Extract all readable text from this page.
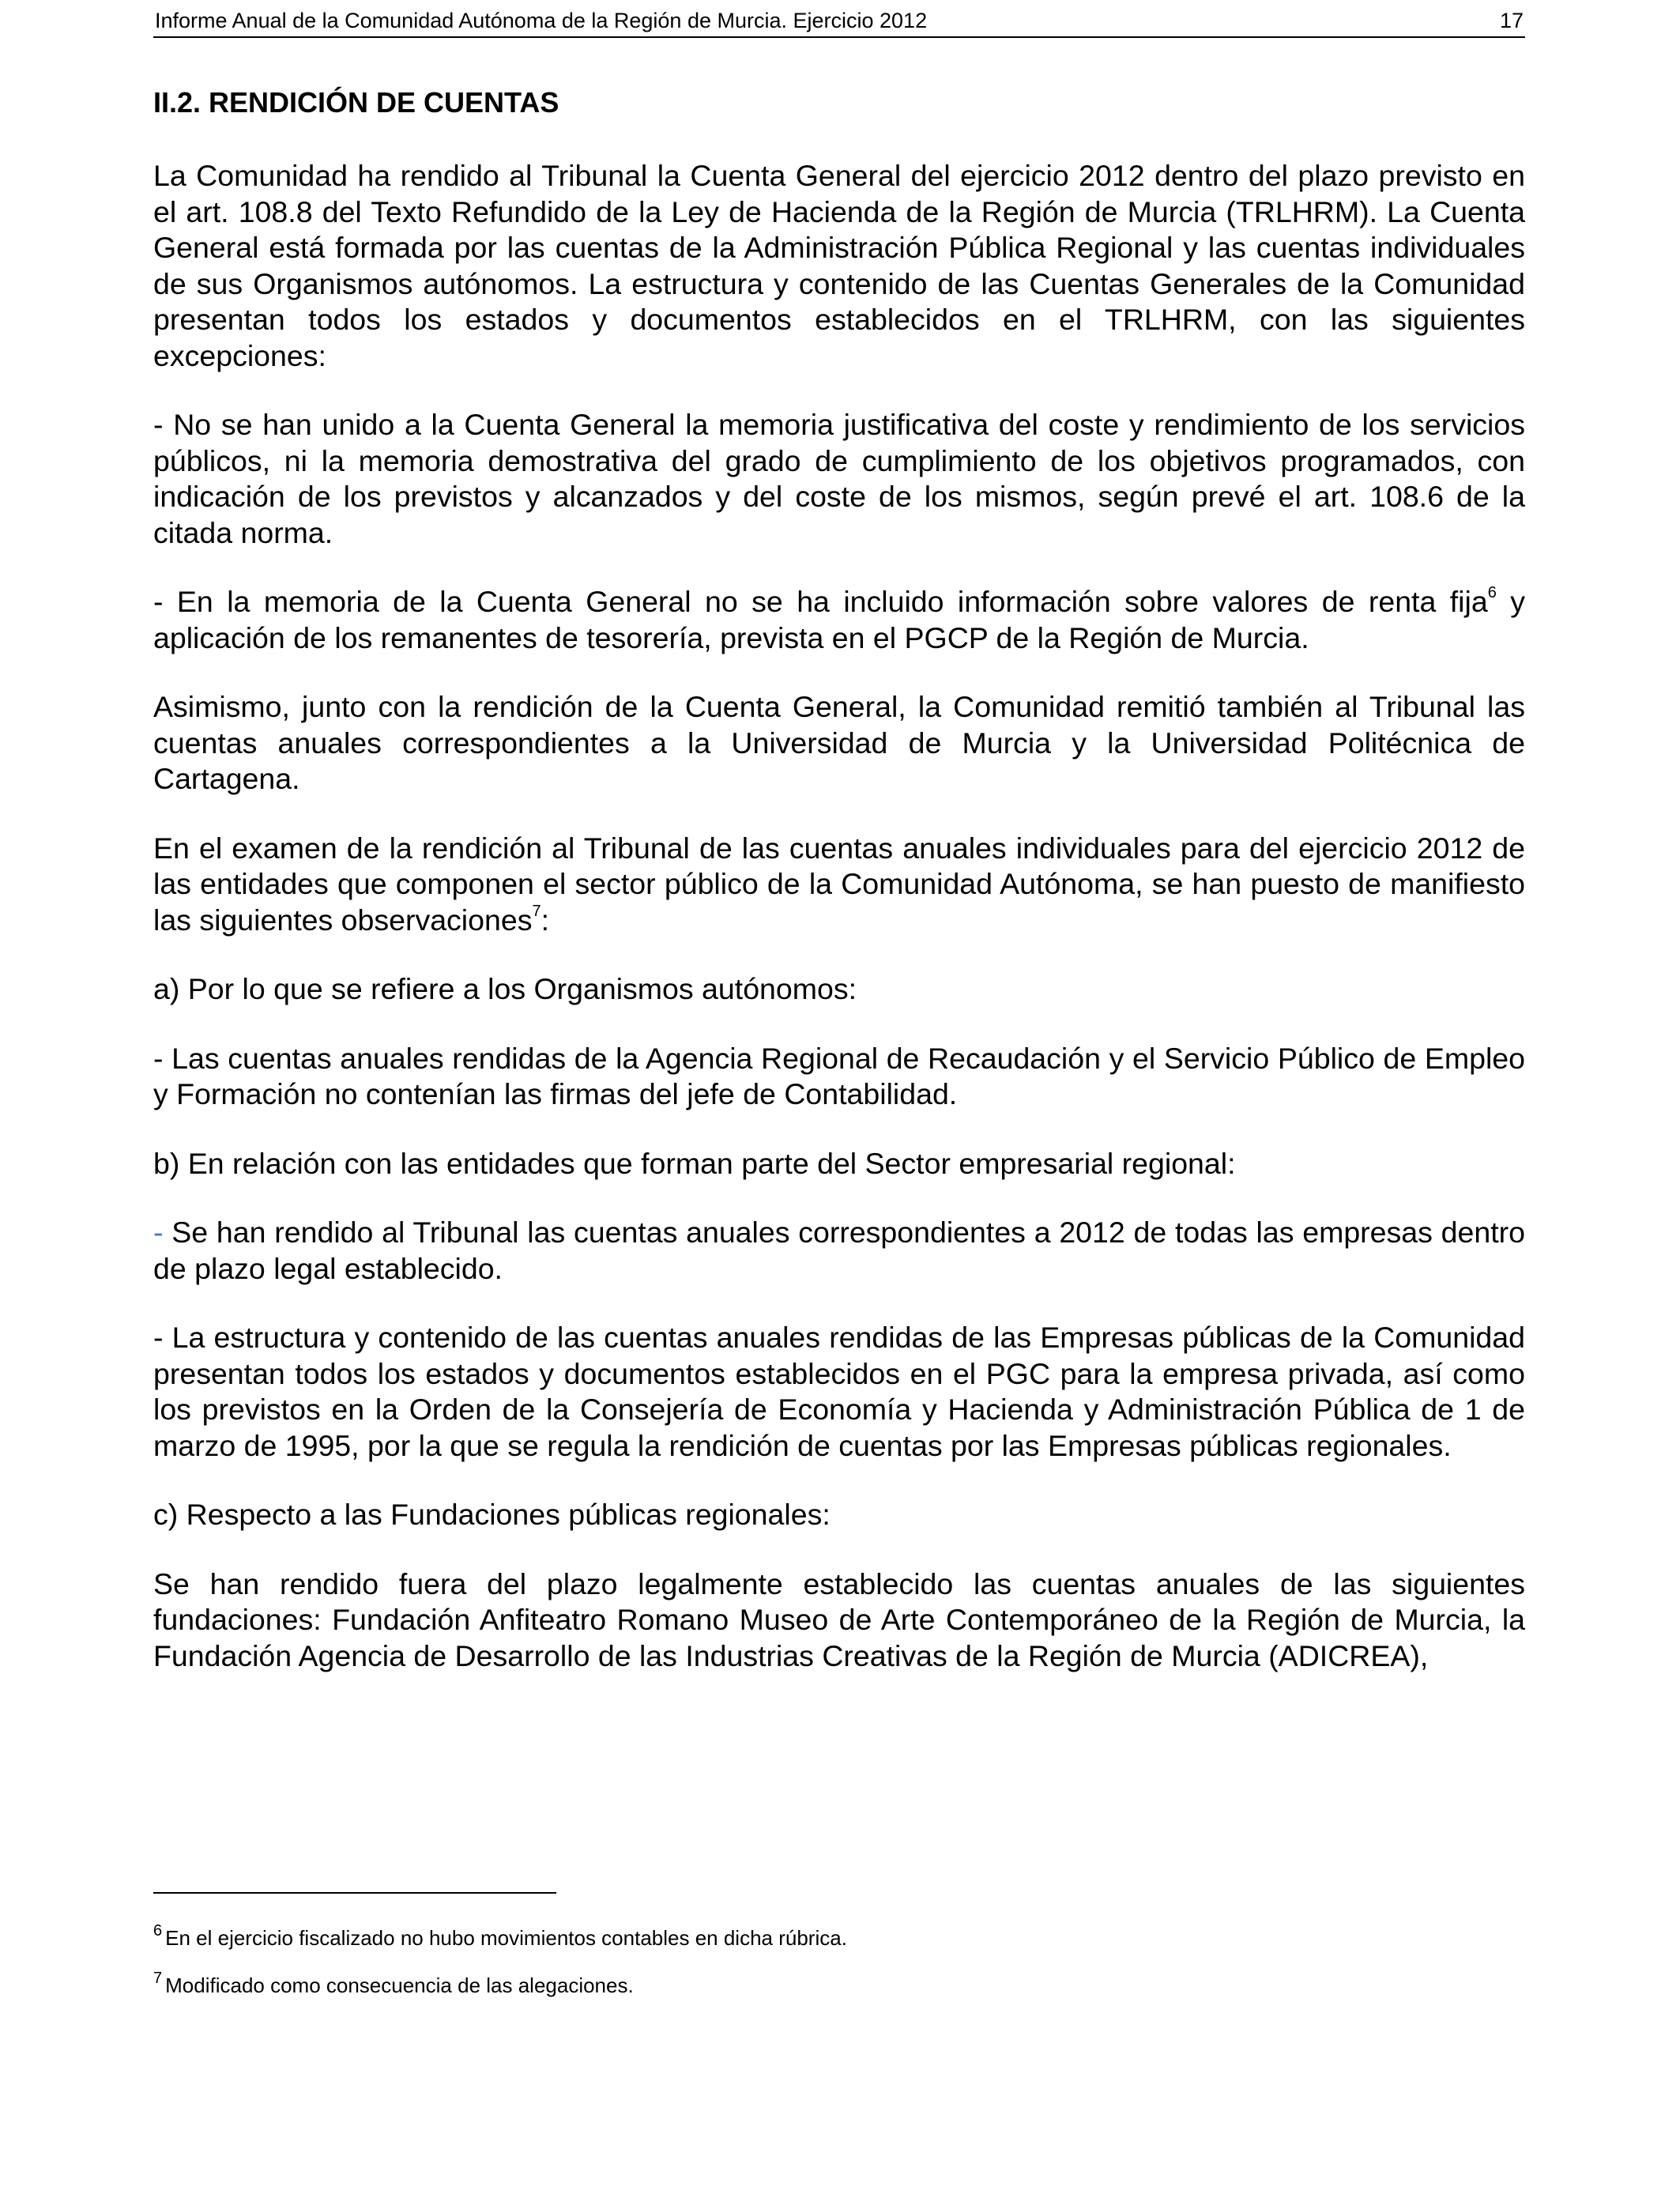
Informe Anual de la Comunidad Autónoma de la Región de Murcia. Ejercicio 2012	17
II.2. RENDICIÓN DE CUENTAS

La Comunidad ha rendido al Tribunal la Cuenta General del ejercicio 2012 dentro del plazo previsto en el art. 108.8 del Texto Refundido de la Ley de Hacienda de la Región de Murcia (TRLHRM). La Cuenta General está formada por las cuentas de la Administración Pública Regional y las cuentas individuales de sus Organismos autónomos. La estructura y contenido de las Cuentas Generales de la Comunidad presentan todos los estados y documentos establecidos en el TRLHRM, con las siguientes excepciones:

- No se han unido a la Cuenta General la memoria justificativa del coste y rendimiento de los servicios públicos, ni la memoria demostrativa del grado de cumplimiento de los objetivos programados, con indicación de los previstos y alcanzados y del coste de los mismos, según prevé el art. 108.6 de la citada norma.

- En la memoria de la Cuenta General no se ha incluido información sobre valores de renta fija$^6$ y aplicación de los remanentes de tesorería, prevista en el PGCP de la Región de Murcia.

Asimismo, junto con la rendición de la Cuenta General, la Comunidad remitió también al Tribunal las cuentas anuales correspondientes a la Universidad de Murcia y la Universidad Politécnica de Cartagena.

En el examen de la rendición al Tribunal de las cuentas anuales individuales para del ejercicio 2012 de las entidades que componen el sector público de la Comunidad Autónoma, se han puesto de manifiesto las siguientes observaciones$^7$:

a) Por lo que se refiere a los Organismos autónomos:

- Las cuentas anuales rendidas de la Agencia Regional de Recaudación y el Servicio Público de Empleo y Formación no contenían las firmas del jefe de Contabilidad.

b) En relación con las entidades que forman parte del Sector empresarial regional:

- Se han rendido al Tribunal las cuentas anuales correspondientes a 2012 de todas las empresas dentro de plazo legal establecido.

- La estructura y contenido de las cuentas anuales rendidas de las Empresas públicas de la Comunidad presentan todos los estados y documentos establecidos en el PGC para la empresa privada, así como los previstos en la Orden de la Consejería de Economía y Hacienda y Administración Pública de 1 de marzo de 1995, por la que se regula la rendición de cuentas por las Empresas públicas regionales.

c) Respecto a las Fundaciones públicas regionales:

Se han rendido fuera del plazo legalmente establecido las cuentas anuales de las siguientes fundaciones: Fundación Anfiteatro Romano Museo de Arte Contemporáneo de la Región de Murcia, la Fundación Agencia de Desarrollo de las Industrias Creativas de la Región de Murcia (ADICREA),

$^6$ En el ejercicio fiscalizado no hubo movimientos contables en dicha rúbrica.
$^7$ Modificado como consecuencia de las alegaciones.
